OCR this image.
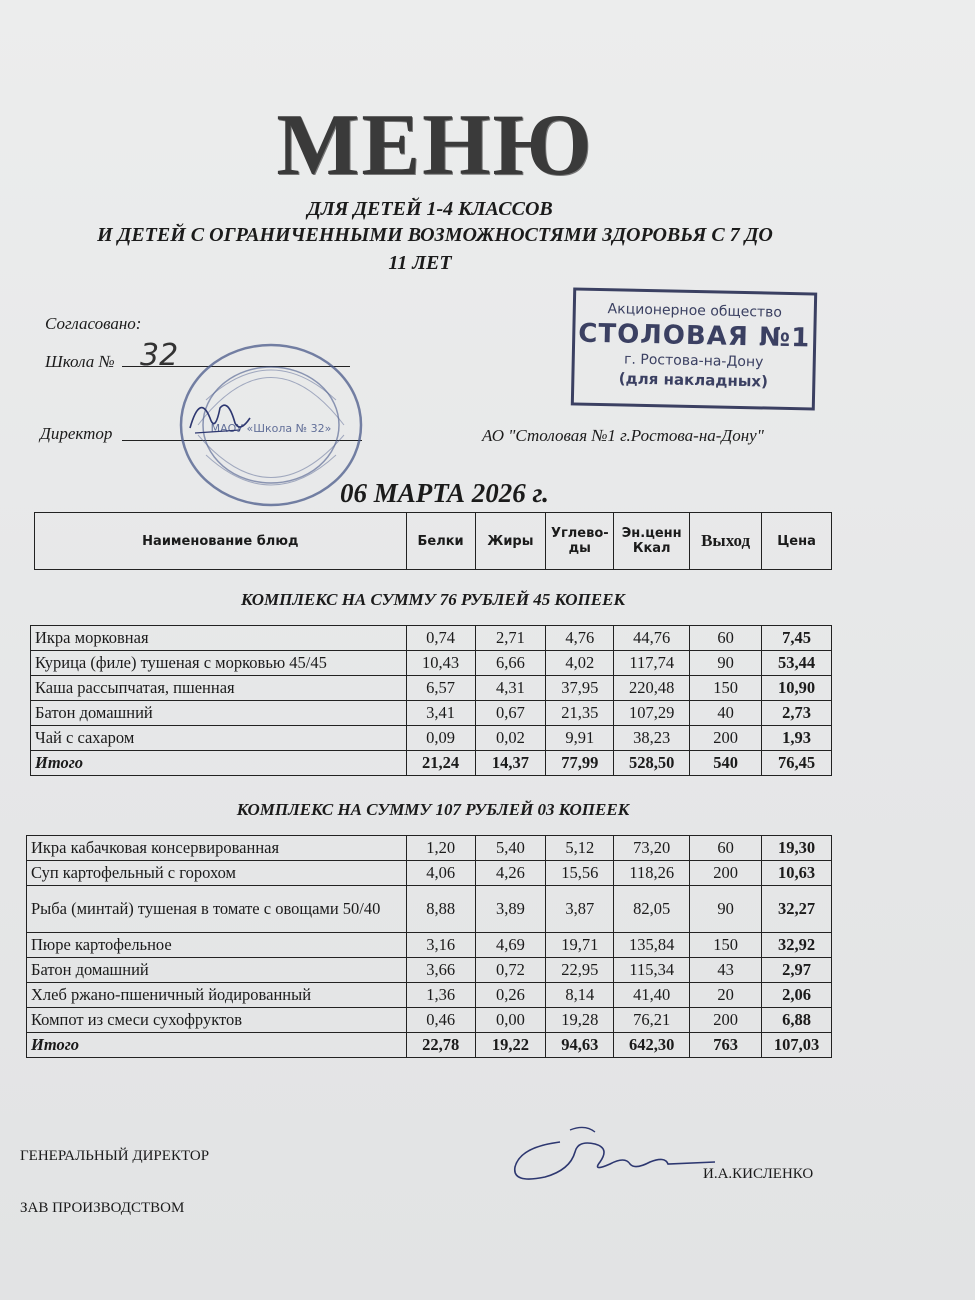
МЕНЮ
ДЛЯ ДЕТЕЙ 1-4 КЛАССОВ
И ДЕТЕЙ С ОГРАНИЧЕННЫМИ ВОЗМОЖНОСТЯМИ ЗДОРОВЬЯ С 7 ДО
11 ЛЕТ
Акционерное общество
СТОЛОВАЯ №1
г. Ростова-на-Дону
(для накладных)
Согласовано:
Школа № 32
Директор	МАОУ «Школа № 32»	АО "Столовая №1 г.Ростова-на-Дону"
06 МАРТА 2026 г.
Наименование блюд	Белки	Жиры	Углево-ды	Эн.ценн Ккал	Выход	Цена
КОМПЛЕКС НА СУММУ 76 РУБЛЕЙ 45 КОПЕЕК
Икра морковная	0,74	2,71	4,76	44,76	60	7,45
Курица (филе) тушеная с морковью 45/45	10,43	6,66	4,02	117,74	90	53,44
Каша рассыпчатая, пшенная	6,57	4,31	37,95	220,48	150	10,90
Батон домашний	3,41	0,67	21,35	107,29	40	2,73
Чай с сахаром	0,09	0,02	9,91	38,23	200	1,93
Итого	21,24	14,37	77,99	528,50	540	76,45
КОМПЛЕКС НА СУММУ 107 РУБЛЕЙ 03 КОПЕЕК
Икра кабачковая консервированная	1,20	5,40	5,12	73,20	60	19,30
Суп картофельный с горохом	4,06	4,26	15,56	118,26	200	10,63
Рыба (минтай) тушеная в томате с овощами 50/40	8,88	3,89	3,87	82,05	90	32,27
Пюре картофельное	3,16	4,69	19,71	135,84	150	32,92
Батон домашний	3,66	0,72	22,95	115,34	43	2,97
Хлеб ржано-пшеничный йодированный	1,36	0,26	8,14	41,40	20	2,06
Компот из смеси сухофруктов	0,46	0,00	19,28	76,21	200	6,88
Итого	22,78	19,22	94,63	642,30	763	107,03
ГЕНЕРАЛЬНЫЙ ДИРЕКТОР
И.А.КИСЛЕНКО
ЗАВ ПРОИЗВОДСТВОМ
